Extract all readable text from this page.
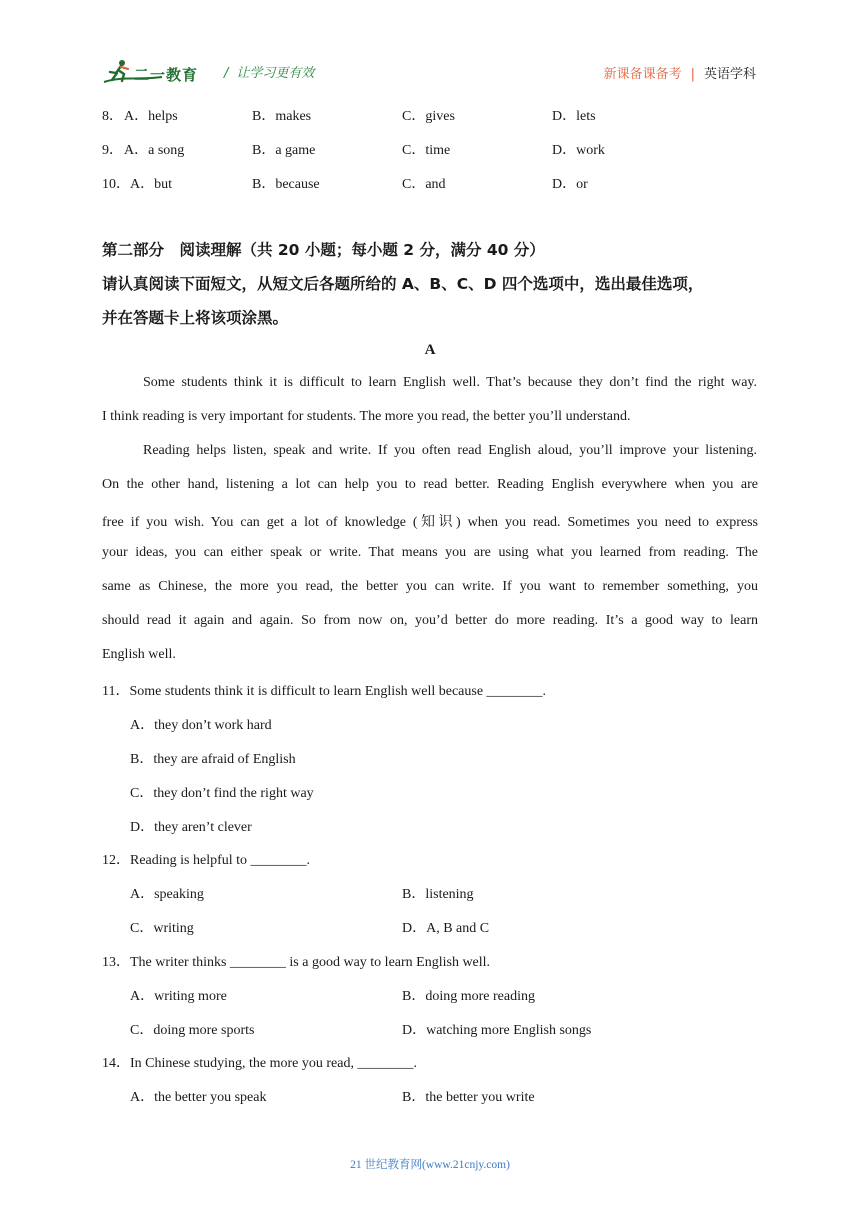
二一教育 / 让学习更有效	新课备课备考 | 英语学科
8． A．helps	B．makes	C．gives	D．lets
9． A．a song	B．a game	C．time	D．work
10． A．but	B．because	C．and	D．or
第二部分　阅读理解（共 20 小题；每小题 2 分，满分 40 分）
请认真阅读下面短文，从短文后各题所给的 A、B、C、D 四个选项中，选出最佳选项，
并在答题卡上将该项涂黑。
A
Some students think it is difficult to learn English well. That’s because they don’t find the right way.
I think reading is very important for students. The more you read, the better you’ll understand.
Reading helps listen, speak and write. If you often read English aloud, you’ll improve your listening.
On the other hand, listening a lot can help you to read better. Reading English everywhere when you are
free if you wish. You can get a lot of knowledge (知识) when you read. Sometimes you need to express
your ideas, you can either speak or write. That means you are using what you learned from reading. The
same as Chinese, the more you read, the better you can write. If you want to remember something, you
should read it again and again. So from now on, you’d better do more reading. It’s a good way to learn
English well.
11．Some students think it is difficult to learn English well because ________.
A．they don’t work hard
B．they are afraid of English
C．they don’t find the right way
D．they aren’t clever
12．Reading is helpful to ________.
A．speaking	B．listening
C．writing	D．A, B and C
13．The writer thinks ________ is a good way to learn English well.
A．writing more	B．doing more reading
C．doing more sports	D．watching more English songs
14．In Chinese studying, the more you read, ________.
A．the better you speak	B．the better you write
21 世纪教育网(www.21cnjy.com)
